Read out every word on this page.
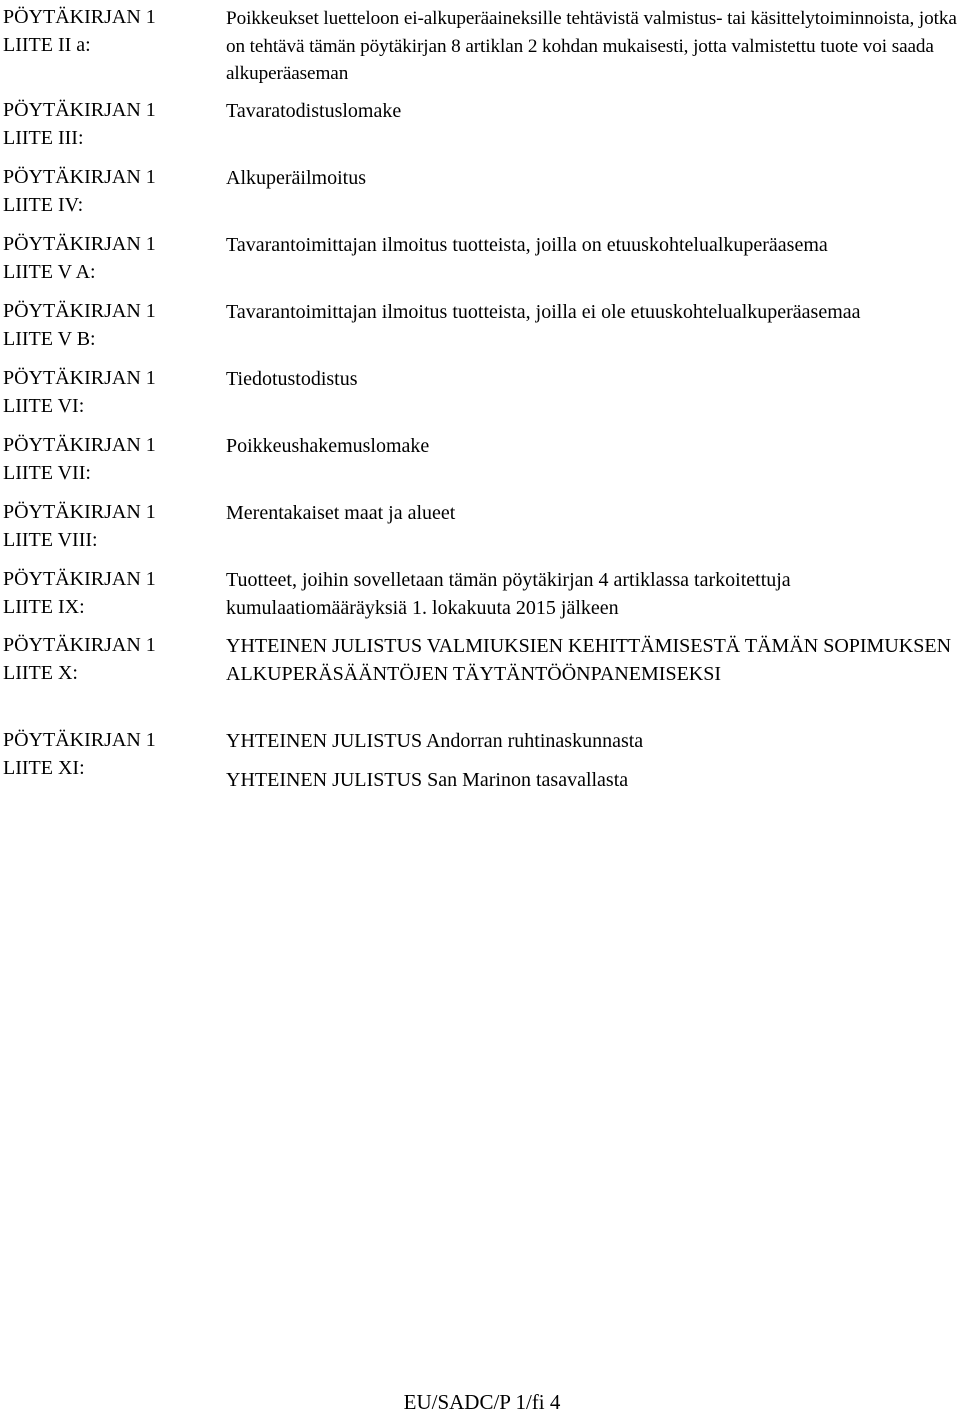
PÖYTÄKIRJAN 1
LIITE II a:
Poikkeukset luetteloon ei-alkuperäaineksille tehtävistä valmistus- tai käsittelytoiminnoista, jotka on tehtävä tämän pöytäkirjan 8 artiklan 2 kohdan mukaisesti, jotta valmistettu tuote voi saada alkuperäaseman
PÖYTÄKIRJAN 1
LIITE III:
Tavaratodistuslomake
PÖYTÄKIRJAN 1
LIITE IV:
Alkuperäilmoitus
PÖYTÄKIRJAN 1
LIITE V A:
Tavarantoimittajan ilmoitus tuotteista, joilla on etuuskohtelualkuperäasema
PÖYTÄKIRJAN 1
LIITE V B:
Tavarantoimittajan ilmoitus tuotteista, joilla ei ole etuuskohtelualkuperäasemaa
PÖYTÄKIRJAN 1
LIITE VI:
Tiedotustodistus
PÖYTÄKIRJAN 1
LIITE VII:
Poikkeushakemuslomake
PÖYTÄKIRJAN 1
LIITE VIII:
Merentakaiset maat ja alueet
PÖYTÄKIRJAN 1
LIITE IX:
Tuotteet, joihin sovelletaan tämän pöytäkirjan 4 artiklassa tarkoitettuja kumulaatiomääräyksiä 1. lokakuuta 2015 jälkeen
PÖYTÄKIRJAN 1
LIITE X:
YHTEINEN JULISTUS VALMIUKSIEN KEHITTÄMISESTÄ TÄMÄN SOPIMUKSEN ALKUPERÄSÄÄNTÖJEN TÄYTÄNTÖÖNPANEMISEKSI
PÖYTÄKIRJAN 1
LIITE XI:
YHTEINEN JULISTUS Andorran ruhtinaskunnasta
YHTEINEN JULISTUS San Marinon tasavallasta
EU/SADC/P 1/fi 4
